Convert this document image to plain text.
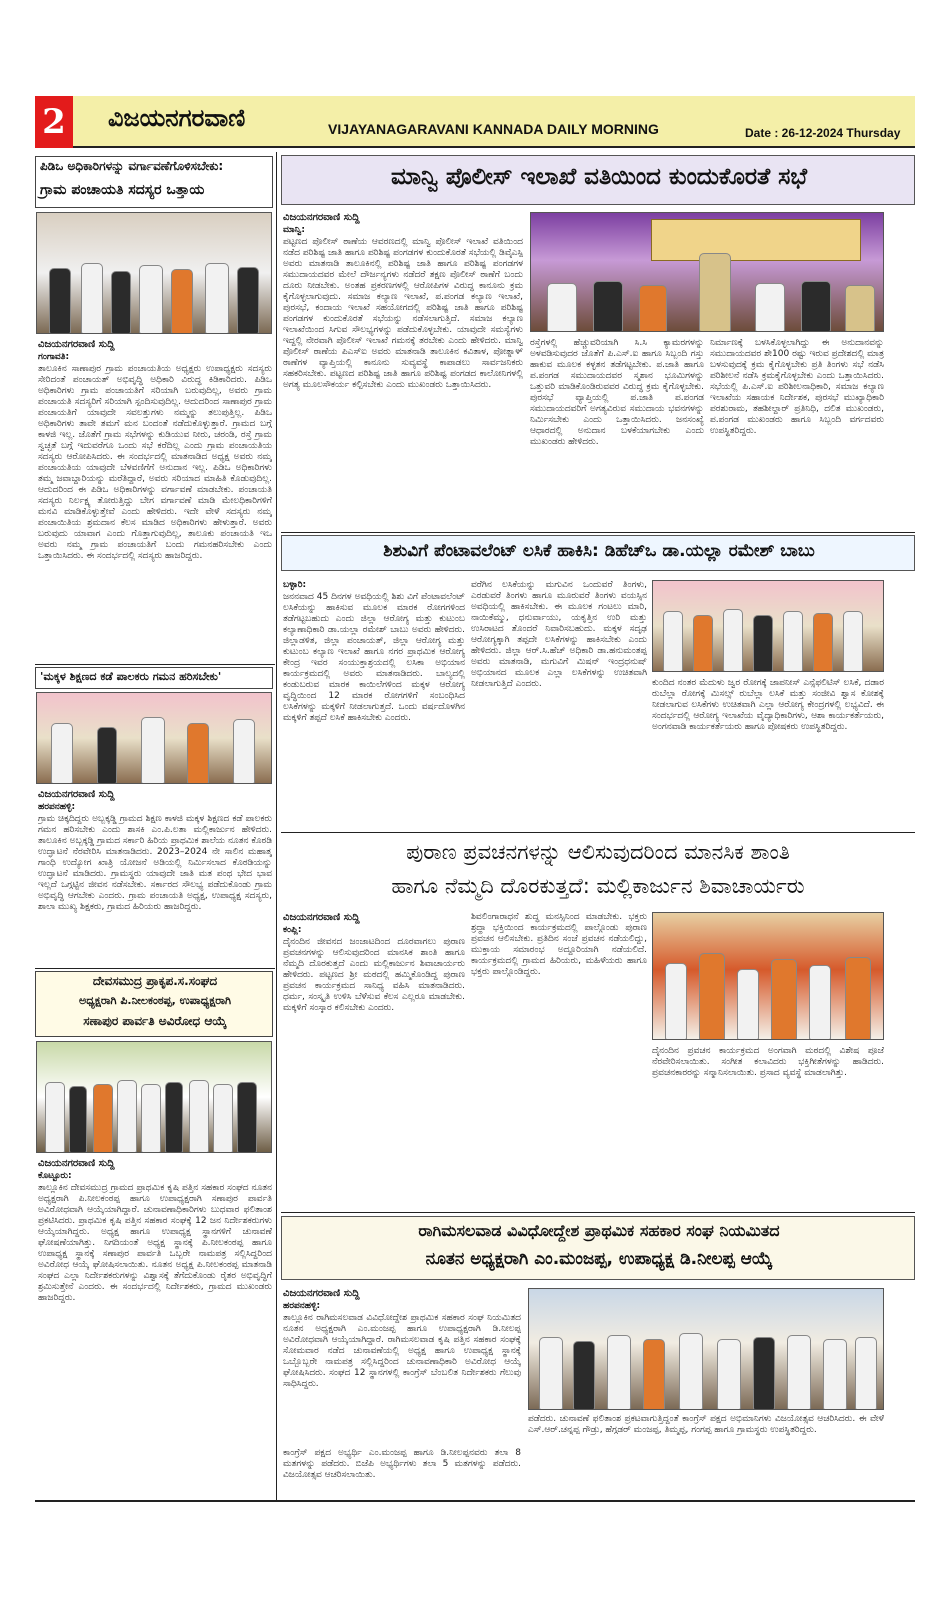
2 ವಿಜಯನಗರವಾಣಿ	VIJAYANAGARAVANI KANNADA DAILY MORNING	Date : 26-12-2024 Thursday
ಪಿಡಿಒ ಅಧಿಕಾರಿಗಳನ್ನು ವರ್ಗಾವಣೆಗೊಳಿಸಬೇಕು:
ಗ್ರಾಮ ಪಂಚಾಯತಿ ಸದಸ್ಯರ ಒತ್ತಾಯ
ವಿಜಯನಗರವಾಣಿ ಸುದ್ದಿ
ಗಂಗಾವತಿ:
ತಾಲೂಕಿನ ಸಾಣಾಪುರ ಗ್ರಾಮ ಪಂಚಾಯತಿಯ ಅಧ್ಯಕ್ಷರು ಉಪಾಧ್ಯಕ್ಷರು ಸದಸ್ಯರು ಸೇರಿದಂತೆ ಪಂಚಾಯತ್ ಅಭಿವೃದ್ಧಿ ಅಧಿಕಾರಿ ವಿರುದ್ಧ ಕಿಡಿಕಾರಿದರು. ಪಿಡಿಒ ಅಧಿಕಾರಿಗಳು ಗ್ರಾಮ ಪಂಚಾಯತಿಗೆ ಸರಿಯಾಗಿ ಬರುವುದಿಲ್ಲ, ಅವರು ಗ್ರಾಮ ಪಂಚಾಯತಿ ಸದಸ್ಯರಿಗೆ ಸರಿಯಾಗಿ ಸ್ಪಂದಿಸುವುದಿಲ್ಲ. ಆದುದರಿಂದ ಸಾಣಾಪುರ ಗ್ರಾಮ ಪಂಚಾಯತಿಗೆ ಯಾವುದೇ ಸವಲತ್ತುಗಳು ನಮ್ಮನ್ನು ತಲುಪುತ್ತಿಲ್ಲ. ಪಿಡಿಒ ಅಧಿಕಾರಿಗಳು ತಾವೇ ತಮಗೆ ಮನ ಬಂದಂತೆ ನಡೆದುಕೊಳ್ಳುತ್ತಾರೆ. ಗ್ರಾಮದ ಬಗ್ಗೆ ಕಾಳಜಿ ಇಲ್ಲ. ಜೊತೆಗೆ ಗ್ರಾಮ ಸಭೆಗಳನ್ನು ಕುಡಿಯುವ ನೀರು, ಚರಂಡಿ, ರಸ್ತೆ ಗ್ರಾಮ ಸ್ವಚ್ಛತೆ ಬಗ್ಗೆ ಇದುವರೆಗೂ ಒಂದು ಸಭೆ ಕರೆದಿಲ್ಲ ಎಂದು ಗ್ರಾಮ ಪಂಚಾಯತಿಯ ಸದಸ್ಯರು ಆರೋಪಿಸಿದರು. ಈ ಸಂದರ್ಭದಲ್ಲಿ ಮಾತನಾಡಿದ ಅಧ್ಯಕ್ಷ ಅವರು ನಮ್ಮ ಪಂಚಾಯತಿಯ ಯಾವುದೇ ಬೆಳವಣಿಗೆಗೆ ಅನುದಾನ ಇಲ್ಲ. ಪಿಡಿಒ ಅಧಿಕಾರಿಗಳು ತಮ್ಮ ಜವಾಬ್ದಾರಿಯನ್ನು ಮರೆತಿದ್ದಾರೆ, ಅವರು ಸರಿಯಾದ ಮಾಹಿತಿ ಕೊಡುವುದಿಲ್ಲ. ಆದುದರಿಂದ ಈ ಪಿಡಿಒ ಅಧಿಕಾರಿಗಳನ್ನು ವರ್ಗಾವಣೆ ಮಾಡಬೇಕು. ಪಂಚಾಯತಿ ಸದಸ್ಯರು ನಿರ್ಲಕ್ಷ್ಯ ತೋರುತ್ತಿದ್ದು ಬೇಗ ವರ್ಗಾವಣೆ ಮಾಡಿ ಮೇಲಧಿಕಾರಿಗಳಿಗೆ ಮನವಿ ಮಾಡಿಕೊಳ್ಳುತ್ತೇವೆ ಎಂದು ಹೇಳಿದರು. ಇದೇ ವೇಳೆ ಸದಸ್ಯರು ನಮ್ಮ ಪಂಚಾಯಿತಿಯ ಶ್ರಮದಾನ ಕೆಲಸ ಮಾಡಿದ ಅಧಿಕಾರಿಗಳು ಹೇಳುತ್ತಾರೆ. ಅವರು ಬರುವುದು ಯಾವಾಗ ಎಂದು ಗೊತ್ತಾಗುವುದಿಲ್ಲ, ತಾಲೂಕು ಪಂಚಾಯತಿ ಇಒ ಅವರು ನಮ್ಮ ಗ್ರಾಮ ಪಂಚಾಯತಿಗೆ ಬಂದು ಗಮನಹರಿಸಬೇಕು ಎಂದು ಒತ್ತಾಯಿಸಿದರು. ಈ ಸಂದರ್ಭದಲ್ಲಿ ಸದಸ್ಯರು ಹಾಜರಿದ್ದರು.
'ಮಕ್ಕಳ ಶಿಕ್ಷಣದ ಕಡೆ ಪಾಲಕರು ಗಮನ ಹರಿಸಬೇಕು'
ವಿಜಯನಗರವಾಣಿ ಸುದ್ದಿ
ಹರಪನಹಳ್ಳಿ:
ಗ್ರಾಮ ಚಿಕ್ಕದಿದ್ದರು ಅಬ್ಬಕ್ಕಡ್ಡಿ ಗ್ರಾಮದ ಶಿಕ್ಷಣ ಕಾಳಜಿ ಮಕ್ಕಳ ಶಿಕ್ಷಣದ ಕಡೆ ಪಾಲಕರು ಗಮನ ಹರಿಸಬೇಕು ಎಂದು ಶಾಸಕಿ ಎಂ.ಪಿ.ಲತಾ ಮಲ್ಲಿಕಾರ್ಜುನ ಹೇಳಿದರು. ತಾಲೂಕಿನ ಅಬ್ಬಕ್ಕಡ್ಡಿ ಗ್ರಾಮದ ಸರ್ಕಾರಿ ಹಿರಿಯ ಪ್ರಾಥಮಿಕ ಶಾಲೆಯ ನೂತನ ಕೊಠಡಿ ಉದ್ಘಾಟನೆ ನೆರವೇರಿಸಿ ಮಾತನಾಡಿದರು. 2023–2024 ನೇ ಸಾಲಿನ ಮಹಾತ್ಮ ಗಾಂಧಿ ಉದ್ಯೋಗ ಖಾತ್ರಿ ಯೋಜನೆ ಅಡಿಯಲ್ಲಿ ನಿರ್ಮಿಸಲಾದ ಕೊಠಡಿಯನ್ನು ಉದ್ಘಾಟನೆ ಮಾಡಿದರು. ಗ್ರಾಮಸ್ಥರು ಯಾವುದೇ ಜಾತಿ ಮತ ಪಂಥ ಭೇದ ಭಾವ ಇಲ್ಲದೆ ಒಗ್ಗಟ್ಟಿನ ಜೀವನ ನಡೆಸಬೇಕು. ಸರ್ಕಾರದ ಸೌಲಭ್ಯ ಪಡೆದುಕೊಂಡು ಗ್ರಾಮ ಅಭಿವೃದ್ಧಿ ಆಗಬೇಕು ಎಂದರು. ಗ್ರಾಮ ಪಂಚಾಯತಿ ಅಧ್ಯಕ್ಷ, ಉಪಾಧ್ಯಕ್ಷ ಸದಸ್ಯರು, ಶಾಲಾ ಮುಖ್ಯ ಶಿಕ್ಷಕರು, ಗ್ರಾಮದ ಹಿರಿಯರು ಹಾಜರಿದ್ದರು.
ದೇವಸಮುದ್ರ ಪ್ರಾಕೃಪ.ಸ.ಸಂಘದ
ಅಧ್ಯಕ್ಷರಾಗಿ ಪಿ.ನೀಲಕಂಠಪ್ಪ, ಉಪಾಧ್ಯಕ್ಷರಾಗಿ
ಸಣಾಪುರ ಪಾರ್ವತಿ ಅವಿರೋಧ ಆಯ್ಕೆ
ವಿಜಯನಗರವಾಣಿ ಸುದ್ದಿ
ಕೊಟ್ಟೂರು:
ತಾಲ್ಲೂಕಿನ ದೇವಸಮುದ್ರ ಗ್ರಾಮದ ಪ್ರಾಥಮಿಕ ಕೃಷಿ ಪತ್ತಿನ ಸಹಕಾರ ಸಂಘದ ನೂತನ ಅಧ್ಯಕ್ಷರಾಗಿ ಪಿ.ನೀಲಕಂಠಪ್ಪ ಹಾಗೂ ಉಪಾಧ್ಯಕ್ಷರಾಗಿ ಸಣಾಪುರ ಪಾರ್ವತಿ ಅವಿರೋಧವಾಗಿ ಆಯ್ಕೆಯಾಗಿದ್ದಾರೆ. ಚುನಾವಣಾಧಿಕಾರಿಗಳು ಬುಧವಾರ ಫಲಿತಾಂಶ ಪ್ರಕಟಿಸಿದರು. ಪ್ರಾಥಮಿಕ ಕೃಷಿ ಪತ್ತಿನ ಸಹಕಾರ ಸಂಘಕ್ಕೆ 12 ಜನ ನಿರ್ದೇಶಕರುಗಳು ಆಯ್ಕೆಯಾಗಿದ್ದರು. ಅಧ್ಯಕ್ಷ ಹಾಗೂ ಉಪಾಧ್ಯಕ್ಷ ಸ್ಥಾನಗಳಿಗೆ ಚುನಾವಣೆ ಘೋಷಣೆಯಾಗಿತ್ತು. ನಿಗದಿಯಂತೆ ಅಧ್ಯಕ್ಷ ಸ್ಥಾನಕ್ಕೆ ಪಿ.ನೀಲಕಂಠಪ್ಪ ಹಾಗೂ ಉಪಾಧ್ಯಕ್ಷ ಸ್ಥಾನಕ್ಕೆ ಸಣಾಪುರ ಪಾರ್ವತಿ ಒಬ್ಬರೇ ನಾಮಪತ್ರ ಸಲ್ಲಿಸಿದ್ದರಿಂದ ಅವಿರೋಧ ಆಯ್ಕೆ ಘೋಷಿಸಲಾಯಿತು. ನೂತನ ಅಧ್ಯಕ್ಷ ಪಿ.ನೀಲಕಂಠಪ್ಪ ಮಾತನಾಡಿ ಸಂಘದ ಎಲ್ಲಾ ನಿರ್ದೇಶಕರುಗಳನ್ನು ವಿಶ್ವಾಸಕ್ಕೆ ತೆಗೆದುಕೊಂಡು ರೈತರ ಅಭಿವೃದ್ಧಿಗೆ ಶ್ರಮಿಸುತ್ತೇನೆ ಎಂದರು. ಈ ಸಂದರ್ಭದಲ್ಲಿ ನಿರ್ದೇಶಕರು, ಗ್ರಾಮದ ಮುಖಂಡರು ಹಾಜರಿದ್ದರು.
ಮಾನ್ವಿ ಪೊಲೀಸ್ ಇಲಾಖೆ ವತಿಯಿಂದ ಕುಂದುಕೊರತೆ ಸಭೆ
ವಿಜಯನಗರವಾಣಿ ಸುದ್ದಿ
ಮಾನ್ವಿ:
ಪಟ್ಟಣದ ಪೊಲೀಸ್ ಠಾಣೆಯ ಆವರಣದಲ್ಲಿ ಮಾನ್ವಿ ಪೊಲೀಸ್ ಇಲಾಖೆ ವತಿಯಿಂದ ನಡೆದ ಪರಿಶಿಷ್ಟ ಜಾತಿ ಹಾಗೂ ಪರಿಶಿಷ್ಟ ಪಂಗಡಗಳ ಕುಂದುಕೊರತೆ ಸಭೆಯಲ್ಲಿ ಡಿವೈಎಸ್ಪಿ ಅವರು ಮಾತನಾಡಿ ತಾಲೂಕಿನಲ್ಲಿ ಪರಿಶಿಷ್ಟ ಜಾತಿ ಹಾಗೂ ಪರಿಶಿಷ್ಟ ಪಂಗಡಗಳ ಸಮುದಾಯದವರ ಮೇಲೆ ದೌರ್ಜನ್ಯಗಳು ನಡೆದರೆ ತಕ್ಷಣ ಪೊಲೀಸ್ ಠಾಣೆಗೆ ಬಂದು ದೂರು ನೀಡಬೇಕು. ಅಂತಹ ಪ್ರಕರಣಗಳಲ್ಲಿ ಆರೋಪಿಗಳ ವಿರುದ್ಧ ಕಾನೂನು ಕ್ರಮ ಕೈಗೊಳ್ಳಲಾಗುವುದು. ಸಮಾಜ ಕಲ್ಯಾಣ ಇಲಾಖೆ, ಪ.ಪಂಗಡ ಕಲ್ಯಾಣ ಇಲಾಖೆ, ಪುರಸಭೆ, ಕಂದಾಯ ಇಲಾಖೆ ಸಹಯೋಗದಲ್ಲಿ ಪರಿಶಿಷ್ಟ ಜಾತಿ ಹಾಗೂ ಪರಿಶಿಷ್ಟ ಪಂಗಡಗಳ ಕುಂದುಕೊರತೆ ಸಭೆಯನ್ನು ನಡೆಸಲಾಗುತ್ತಿದೆ. ಸಮಾಜ ಕಲ್ಯಾಣ ಇಲಾಖೆಯಿಂದ ಸಿಗುವ ಸೌಲಭ್ಯಗಳನ್ನು ಪಡೆದುಕೊಳ್ಳಬೇಕು. ಯಾವುದೇ ಸಮಸ್ಯೆಗಳು ಇದ್ದಲ್ಲಿ ನೇರವಾಗಿ ಪೊಲೀಸ್ ಇಲಾಖೆ ಗಮನಕ್ಕೆ ತರಬೇಕು ಎಂದು ಹೇಳಿದರು. ಮಾನ್ವಿ ಪೊಲೀಸ್ ಠಾಣೆಯ ಪಿಎಸ್ಐ ಅವರು ಮಾತನಾಡಿ ತಾಲೂಕಿನ ಕವಿತಾಳ, ಪೋತ್ನಾಳ್ ಠಾಣೆಗಳ ವ್ಯಾಪ್ತಿಯಲ್ಲಿ ಕಾನೂನು ಸುವ್ಯವಸ್ಥೆ ಕಾಪಾಡಲು ಸಾರ್ವಜನಿಕರು ಸಹಕರಿಸಬೇಕು. ಪಟ್ಟಣದ ಪರಿಶಿಷ್ಟ ಜಾತಿ ಹಾಗೂ ಪರಿಶಿಷ್ಟ ಪಂಗಡದ ಕಾಲೋನಿಗಳಲ್ಲಿ ಅಗತ್ಯ ಮೂಲಸೌಕರ್ಯ ಕಲ್ಪಿಸಬೇಕು ಎಂದು ಮುಖಂಡರು ಒತ್ತಾಯಿಸಿದರು.
ರಸ್ತೆಗಳಲ್ಲಿ ಹೆಚ್ಚುವರಿಯಾಗಿ ಸಿ.ಸಿ ಕ್ಯಾಮರಗಳನ್ನು ಅಳವಡಿಸುವುದರ ಜೊತೆಗೆ ಪಿ.ಎಸ್.ಐ ಹಾಗೂ ಸಿಬ್ಬಂದಿ ಗಸ್ತು ಹಾಕುವ ಮೂಲಕ ಕಳ್ಳತನ ತಡೆಗಟ್ಟಬೇಕು. ಪ.ಜಾತಿ ಹಾಗೂ ಪ.ಪಂಗಡ ಸಮುದಾಯದವರ ಸ್ಮಶಾನ ಭೂಮಿಗಳನ್ನು ಒತ್ತುವರಿ ಮಾಡಿಕೊಂಡಿರುವವರ ವಿರುದ್ಧ ಕ್ರಮ ಕೈಗೊಳ್ಳಬೇಕು. ಪುರಸಭೆ ವ್ಯಾಪ್ತಿಯಲ್ಲಿ ಪ.ಜಾತಿ ಪ.ಪಂಗಡ ಸಮುದಾಯದವರಿಗೆ ಅಗತ್ಯವಿರುವ ಸಮುದಾಯ ಭವನಗಳನ್ನು ನಿರ್ಮಿಸಬೇಕು ಎಂದು ಒತ್ತಾಯಿಸಿದರು. ಜನಸಂಖ್ಯೆ ಆಧಾರದಲ್ಲಿ ಅನುದಾನ ಬಳಕೆಯಾಗಬೇಕು ಎಂದು ಮುಖಂಡರು ಹೇಳಿದರು.
ನಿರ್ಮಾಣಕ್ಕೆ ಬಳಸಿಕೊಳ್ಳಲಾಗಿದ್ದು ಈ ಅನುದಾನವನ್ನು ಸಮುದಾಯದವರ ಶೇ100 ರಷ್ಟು ಇರುವ ಪ್ರದೇಶದಲ್ಲಿ ಮಾತ್ರ ಬಳಸುವುದಕ್ಕೆ ಕ್ರಮ ಕೈಗೊಳ್ಳಬೇಕು ಪ್ರತಿ ತಿಂಗಳು ಸಭೆ ನಡೆಸಿ ಪರಿಶೀಲನೆ ನಡೆಸಿ ಕ್ರಮಕೈಗೊಳ್ಳಬೇಕು ಎಂದು ಒತ್ತಾಯಿಸಿದರು. ಸಭೆಯಲ್ಲಿ ಪಿ.ಎಸ್.ಐ ಪರಿಶೀಲನಾಧಿಕಾರಿ, ಸಮಾಜ ಕಲ್ಯಾಣ ಇಲಾಖೆಯ ಸಹಾಯಕ ನಿರ್ದೇಶಕ, ಪುರಸಭೆ ಮುಖ್ಯಾಧಿಕಾರಿ ಪರಶುರಾಮ, ತಹಶೀಲ್ದಾರ್ ಪ್ರತಿನಿಧಿ, ದಲಿತ ಮುಖಂಡರು, ಪ.ಪಂಗಡ ಮುಖಂಡರು ಹಾಗೂ ಸಿಬ್ಬಂದಿ ವರ್ಗದವರು ಉಪಸ್ಥಿತರಿದ್ದರು.
ಶಿಶುವಿಗೆ ಪೆಂಟಾವಲೆಂಟ್ ಲಸಿಕೆ ಹಾಕಿಸಿ: ಡಿಹೆಚ್ಒ ಡಾ.ಯಲ್ಲಾ ರಮೇಶ್ ಬಾಬು
ಬಳ್ಳಾರಿ:
ಜನನವಾದ 45 ದಿನಗಳ ಅವಧಿಯಲ್ಲಿ ಶಿಶು ವಿಗೆ ಪೆಂಟಾವಲೆಂಟ್ ಲಸಿಕೆಯನ್ನು ಹಾಕಿಸುವ ಮೂಲಕ ಮಾರಕ ರೋಗಗಳಿಂದ ತಡೆಗಟ್ಟಬಹುದು ಎಂದು ಜಿಲ್ಲಾ ಆರೋಗ್ಯ ಮತ್ತು ಕುಟುಂಬ ಕಲ್ಯಾಣಾಧಿಕಾರಿ ಡಾ.ಯಲ್ಲಾ ರಮೇಶ್ ಬಾಬು ಅವರು ಹೇಳಿದರು. ಜಿಲ್ಲಾಡಳಿತ, ಜಿಲ್ಲಾ ಪಂಚಾಯತ್, ಜಿಲ್ಲಾ ಆರೋಗ್ಯ ಮತ್ತು ಕುಟುಂಬ ಕಲ್ಯಾಣ ಇಲಾಖೆ ಹಾಗೂ ನಗರ ಪ್ರಾಥಮಿಕ ಆರೋಗ್ಯ ಕೇಂದ್ರ ಇವರ ಸಂಯುಕ್ತಾಶ್ರಯದಲ್ಲಿ ಲಸಿಕಾ ಅಭಿಯಾನ ಕಾರ್ಯಕ್ರಮದಲ್ಲಿ ಅವರು ಮಾತನಾಡಿದರು. ಬಾಲ್ಯದಲ್ಲಿ ಕಂಡುಬರುವ ಮಾರಕ ಕಾಯಿಲೆಗಳಿಂದ ಮಕ್ಕಳ ಆರೋಗ್ಯ ವೃದ್ಧಿಯಿಂದ 12 ಮಾರಕ ರೋಗಗಳಿಗೆ ಸಂಬಂಧಿಸಿದ ಲಸಿಕೆಗಳನ್ನು ಮಕ್ಕಳಿಗೆ ನೀಡಲಾಗುತ್ತದೆ. ಒಂದು ವರ್ಷದೊಳಗಿನ ಮಕ್ಕಳಿಗೆ ತಪ್ಪದೆ ಲಸಿಕೆ ಹಾಕಿಸಬೇಕು ಎಂದರು.
ವರೆಗಿನ ಲಸಿಕೆಯನ್ನು ಮಗುವಿನ ಒಂದುವರೆ ತಿಂಗಳು, ಎರಡುವರೆ ತಿಂಗಳು ಹಾಗೂ ಮೂರುವರೆ ತಿಂಗಳು ವಯಸ್ಸಿನ ಅವಧಿಯಲ್ಲಿ ಹಾಕಿಸಬೇಕು. ಈ ಮೂಲಕ ಗಂಟಲು ಮಾರಿ, ನಾಯಿಕೆಮ್ಮು, ಧನುರ್ವಾಯು, ಯಕೃತ್ತಿನ ಉರಿ ಮತ್ತು ಉಸಿರಾಟದ ತೊಂದರೆ ನಿವಾರಿಸಬಹುದು. ಮಕ್ಕಳ ಸದೃಢ ಆರೋಗ್ಯಕ್ಕಾಗಿ ತಪ್ಪದೇ ಲಸಿಕೆಗಳನ್ನು ಹಾಕಿಸಬೇಕು ಎಂದು ಹೇಳಿದರು. ಜಿಲ್ಲಾ ಆರ್.ಸಿ.ಹೆಚ್ ಅಧಿಕಾರಿ ಡಾ.ಹನುಮಂತಪ್ಪ ಅವರು ಮಾತನಾಡಿ, ಮಗುವಿಗೆ ಮಿಷನ್ ಇಂದ್ರಧನುಷ್ ಅಭಿಯಾನದ ಮೂಲಕ ಎಲ್ಲಾ ಲಸಿಕೆಗಳನ್ನು ಉಚಿತವಾಗಿ ನೀಡಲಾಗುತ್ತಿದೆ ಎಂದರು.	ಕುಂದಿದ ನಂತರ ಮೆದುಳು ಜ್ವರ ರೋಗಕ್ಕೆ ಜಾಪನೀಸ್ ಎನ್ಸೆಫಲಿಟಿಸ್ ಲಸಿಕೆ, ದಡಾರ ರುಬೆಲ್ಲಾ ರೋಗಕ್ಕೆ ಮಿಸಲ್ಸ್ ರುಬೆಲ್ಲಾ ಲಸಿಕೆ ಮತ್ತು ಸಂಜೀವಿ ಶ್ವಾಸ ಕೋಶಕ್ಕೆ ನೀಡಲಾಗುವ ಲಸಿಕೆಗಳು ಉಚಿತವಾಗಿ ಎಲ್ಲಾ ಆರೋಗ್ಯ ಕೇಂದ್ರಗಳಲ್ಲಿ ಲಭ್ಯವಿದೆ. ಈ ಸಂದರ್ಭದಲ್ಲಿ ಆರೋಗ್ಯ ಇಲಾಖೆಯ ವೈದ್ಯಾಧಿಕಾರಿಗಳು, ಆಶಾ ಕಾರ್ಯಕರ್ತೆಯರು, ಅಂಗನವಾಡಿ ಕಾರ್ಯಕರ್ತೆಯರು ಹಾಗೂ ಪೋಷಕರು ಉಪಸ್ಥಿತರಿದ್ದರು.
ಪುರಾಣ ಪ್ರವಚನಗಳನ್ನು ಆಲಿಸುವುದರಿಂದ ಮಾನಸಿಕ ಶಾಂತಿ
ಹಾಗೂ ನೆಮ್ಮದಿ ದೊರಕುತ್ತದೆ: ಮಲ್ಲಿಕಾರ್ಜುನ ಶಿವಾಚಾರ್ಯರು
ವಿಜಯನಗರವಾಣಿ ಸುದ್ದಿ
ಕಂಪ್ಲಿ:
ದೈನಂದಿನ ಜೀವನದ ಜಂಜಾಟದಿಂದ ದೂರವಾಗಲು ಪುರಾಣ ಪ್ರವಚನಗಳನ್ನು ಆಲಿಸುವುದರಿಂದ ಮಾನಸಿಕ ಶಾಂತಿ ಹಾಗೂ ನೆಮ್ಮದಿ ದೊರಕುತ್ತದೆ ಎಂದು ಮಲ್ಲಿಕಾರ್ಜುನ ಶಿವಾಚಾರ್ಯರು ಹೇಳಿದರು. ಪಟ್ಟಣದ ಶ್ರೀ ಮಠದಲ್ಲಿ ಹಮ್ಮಿಕೊಂಡಿದ್ದ ಪುರಾಣ ಪ್ರವಚನ ಕಾರ್ಯಕ್ರಮದ ಸಾನಿಧ್ಯ ವಹಿಸಿ ಮಾತನಾಡಿದರು. ಧರ್ಮ, ಸಂಸ್ಕೃತಿ ಉಳಿಸಿ ಬೆಳೆಸುವ ಕೆಲಸ ಎಲ್ಲರೂ ಮಾಡಬೇಕು. ಮಕ್ಕಳಿಗೆ ಸಂಸ್ಕಾರ ಕಲಿಸಬೇಕು ಎಂದರು.
ಶಿವಲಿಂಗಾರಾಧನೆ ಶುದ್ಧ ಮನಸ್ಸಿನಿಂದ ಮಾಡಬೇಕು. ಭಕ್ತರು ಶ್ರದ್ಧಾ ಭಕ್ತಿಯಿಂದ ಕಾರ್ಯಕ್ರಮದಲ್ಲಿ ಪಾಲ್ಗೊಂಡು ಪುರಾಣ ಪ್ರವಚನ ಆಲಿಸಬೇಕು. ಪ್ರತಿದಿನ ಸಂಜೆ ಪ್ರವಚನ ನಡೆಯಲಿದ್ದು, ಮುಕ್ತಾಯ ಸಮಾರಂಭ ಅದ್ದೂರಿಯಾಗಿ ನಡೆಯಲಿದೆ. ಕಾರ್ಯಕ್ರಮದಲ್ಲಿ ಗ್ರಾಮದ ಹಿರಿಯರು, ಮಹಿಳೆಯರು ಹಾಗೂ ಭಕ್ತರು ಪಾಲ್ಗೊಂಡಿದ್ದರು.
ದೈನಂದಿನ ಪ್ರವಚನ ಕಾರ್ಯಕ್ರಮದ ಅಂಗವಾಗಿ ಮಠದಲ್ಲಿ ವಿಶೇಷ ಪೂಜೆ ನೆರವೇರಿಸಲಾಯಿತು. ಸಂಗೀತ ಕಲಾವಿದರು ಭಕ್ತಿಗೀತೆಗಳನ್ನು ಹಾಡಿದರು. ಪ್ರವಚನಕಾರರನ್ನು ಸನ್ಮಾನಿಸಲಾಯಿತು. ಪ್ರಸಾದ ವ್ಯವಸ್ಥೆ ಮಾಡಲಾಗಿತ್ತು.
ರಾಗಿಮಸಲವಾಡ ವಿವಿಧೋದ್ದೇಶ ಪ್ರಾಥಮಿಕ ಸಹಕಾರ ಸಂಘ ನಿಯಮಿತದ
ನೂತನ ಅಧ್ಯಕ್ಷರಾಗಿ ಎಂ.ಮಂಜಪ್ಪ, ಉಪಾಧ್ಯಕ್ಷ ಡಿ.ನೀಲಪ್ಪ ಆಯ್ಕೆ
ವಿಜಯನಗರವಾಣಿ ಸುದ್ದಿ
ಹರಪನಹಳ್ಳಿ:
ತಾಲ್ಲೂಕಿನ ರಾಗಿಮಸಲವಾಡ ವಿವಿಧೋದ್ದೇಶ ಪ್ರಾಥಮಿಕ ಸಹಕಾರ ಸಂಘ ನಿಯಮಿತದ ನೂತನ ಅಧ್ಯಕ್ಷರಾಗಿ ಎಂ.ಮಂಜಪ್ಪ ಹಾಗೂ ಉಪಾಧ್ಯಕ್ಷರಾಗಿ ಡಿ.ನೀಲಪ್ಪ ಅವಿರೋಧವಾಗಿ ಆಯ್ಕೆಯಾಗಿದ್ದಾರೆ. ರಾಗಿಮಸಲವಾಡ ಕೃಷಿ ಪತ್ತಿನ ಸಹಕಾರ ಸಂಘಕ್ಕೆ ಸೋಮವಾರ ನಡೆದ ಚುನಾವಣೆಯಲ್ಲಿ ಅಧ್ಯಕ್ಷ ಹಾಗೂ ಉಪಾಧ್ಯಕ್ಷ ಸ್ಥಾನಕ್ಕೆ ಒಬ್ಬೊಬ್ಬರೇ ನಾಮಪತ್ರ ಸಲ್ಲಿಸಿದ್ದರಿಂದ ಚುನಾವಣಾಧಿಕಾರಿ ಅವಿರೋಧ ಆಯ್ಕೆ ಘೋಷಿಸಿದರು. ಸಂಘದ 12 ಸ್ಥಾನಗಳಲ್ಲಿ ಕಾಂಗ್ರೆಸ್ ಬೆಂಬಲಿತ ನಿರ್ದೇಶಕರು ಗೆಲುವು ಸಾಧಿಸಿದ್ದರು.
ಕಾಂಗ್ರೆಸ್ ಪಕ್ಷದ ಅಭ್ಯರ್ಥಿ ಎಂ.ಮಂಜಪ್ಪ ಹಾಗೂ ಡಿ.ನೀಲಪ್ಪನವರು ತಲಾ 8 ಮತಗಳನ್ನು ಪಡೆದರು. ಬಿಜೆಪಿ ಅಭ್ಯರ್ಥಿಗಳು ತಲಾ 5 ಮತಗಳನ್ನು ಪಡೆದರು. ವಿಜಯೋತ್ಸವ ಆಚರಿಸಲಾಯಿತು.
ಪಡೆದರು. ಚುನಾವಣೆ ಫಲಿತಾಂಶ ಪ್ರಕಟವಾಗುತ್ತಿದ್ದಂತೆ ಕಾಂಗ್ರೆಸ್ ಪಕ್ಷದ ಅಭಿಮಾನಿಗಳು ವಿಜಯೋತ್ಸವ ಆಚರಿಸಿದರು. ಈ ವೇಳೆ ಎಸ್.ಆರ್.ಚನ್ನಪ್ಪ ಗೌಡ್ರು, ಹೆಗ್ಗಡರ್ ಮಂಜಪ್ಪ, ತಿಮ್ಮಪ್ಪ, ಗಂಗಪ್ಪ ಹಾಗೂ ಗ್ರಾಮಸ್ಥರು ಉಪಸ್ಥಿತರಿದ್ದರು.
